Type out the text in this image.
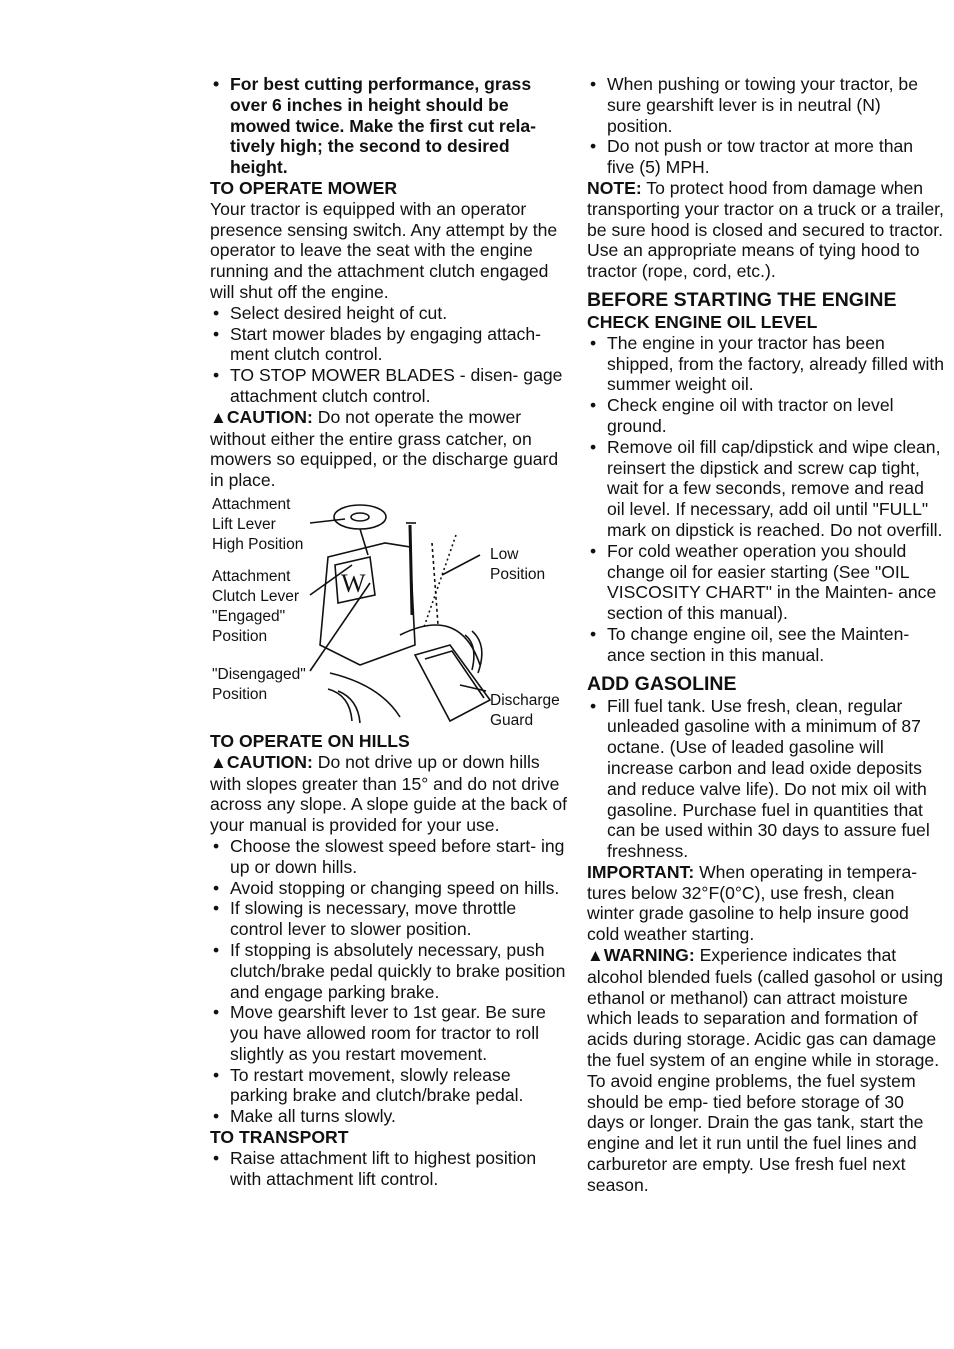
• For best cutting performance, grass over 6 inches in height should be mowed twice. Make the first cut rela- tively high; the second to desired height.

TO OPERATE MOWER

Your tractor is equipped with an operator presence sensing switch. Any attempt by the operator to leave the seat with the engine running and the attachment clutch engaged will shut off the engine.

• Select desired height of cut.
• Start mower blades by engaging attach- ment clutch control.
• TO STOP MOWER BLADES - disen- gage attachment clutch control.

▲CAUTION: Do not operate the mower without either the entire grass catcher, on mowers so equipped, or the discharge guard in place.

W
Attachment
Lift Lever
High Position
Attachment
Clutch Lever
"Engaged"
Position
"Disengaged"
Position
Low
Position
Discharge
Guard

TO OPERATE ON HILLS

▲CAUTION: Do not drive up or down hills with slopes greater than 15° and do not drive across any slope. A slope guide at the back of your manual is provided for your use.

• Choose the slowest speed before start- ing up or down hills.
• Avoid stopping or changing speed on hills.
• If slowing is necessary, move throttle control lever to slower position.
• If stopping is absolutely necessary, push clutch/brake pedal quickly to brake position and engage parking brake.
• Move gearshift lever to 1st gear. Be sure you have allowed room for tractor to roll slightly as you restart movement.
• To restart movement, slowly release parking brake and clutch/brake pedal.
• Make all turns slowly.

TO TRANSPORT

• Raise attachment lift to highest position with attachment lift control.
• When pushing or towing your tractor, be sure gearshift lever is in neutral (N) position.
• Do not push or tow tractor at more than five (5) MPH.

NOTE: To protect hood from damage when transporting your tractor on a truck or a trailer, be sure hood is closed and secured to tractor. Use an appropriate means of tying hood to tractor (rope, cord, etc.).

BEFORE STARTING THE ENGINE

CHECK ENGINE OIL LEVEL

• The engine in your tractor has been shipped, from the factory, already filled with summer weight oil.
• Check engine oil with tractor on level ground.
• Remove oil fill cap/dipstick and wipe clean, reinsert the dipstick and screw cap tight, wait for a few seconds, remove and read oil level. If necessary, add oil until "FULL" mark on dipstick is reached. Do not overfill.
• For cold weather operation you should change oil for easier starting (See "OIL VISCOSITY CHART" in the Mainten- ance section of this manual).
• To change engine oil, see the Mainten- ance section in this manual.

ADD GASOLINE

• Fill fuel tank. Use fresh, clean, regular unleaded gasoline with a minimum of 87 octane. (Use of leaded gasoline will increase carbon and lead oxide deposits and reduce valve life). Do not mix oil with gasoline. Purchase fuel in quantities that can be used within 30 days to assure fuel freshness.

IMPORTANT: When operating in tempera- tures below 32°F(0°C), use fresh, clean winter grade gasoline to help insure good cold weather starting.

▲WARNING: Experience indicates that alcohol blended fuels (called gasohol or using ethanol or methanol) can attract moisture which leads to separation and formation of acids during storage. Acidic gas can damage the fuel system of an engine while in storage. To avoid engine problems, the fuel system should be emp- tied before storage of 30 days or longer. Drain the gas tank, start the engine and let it run until the fuel lines and carburetor are empty. Use fresh fuel next season.
